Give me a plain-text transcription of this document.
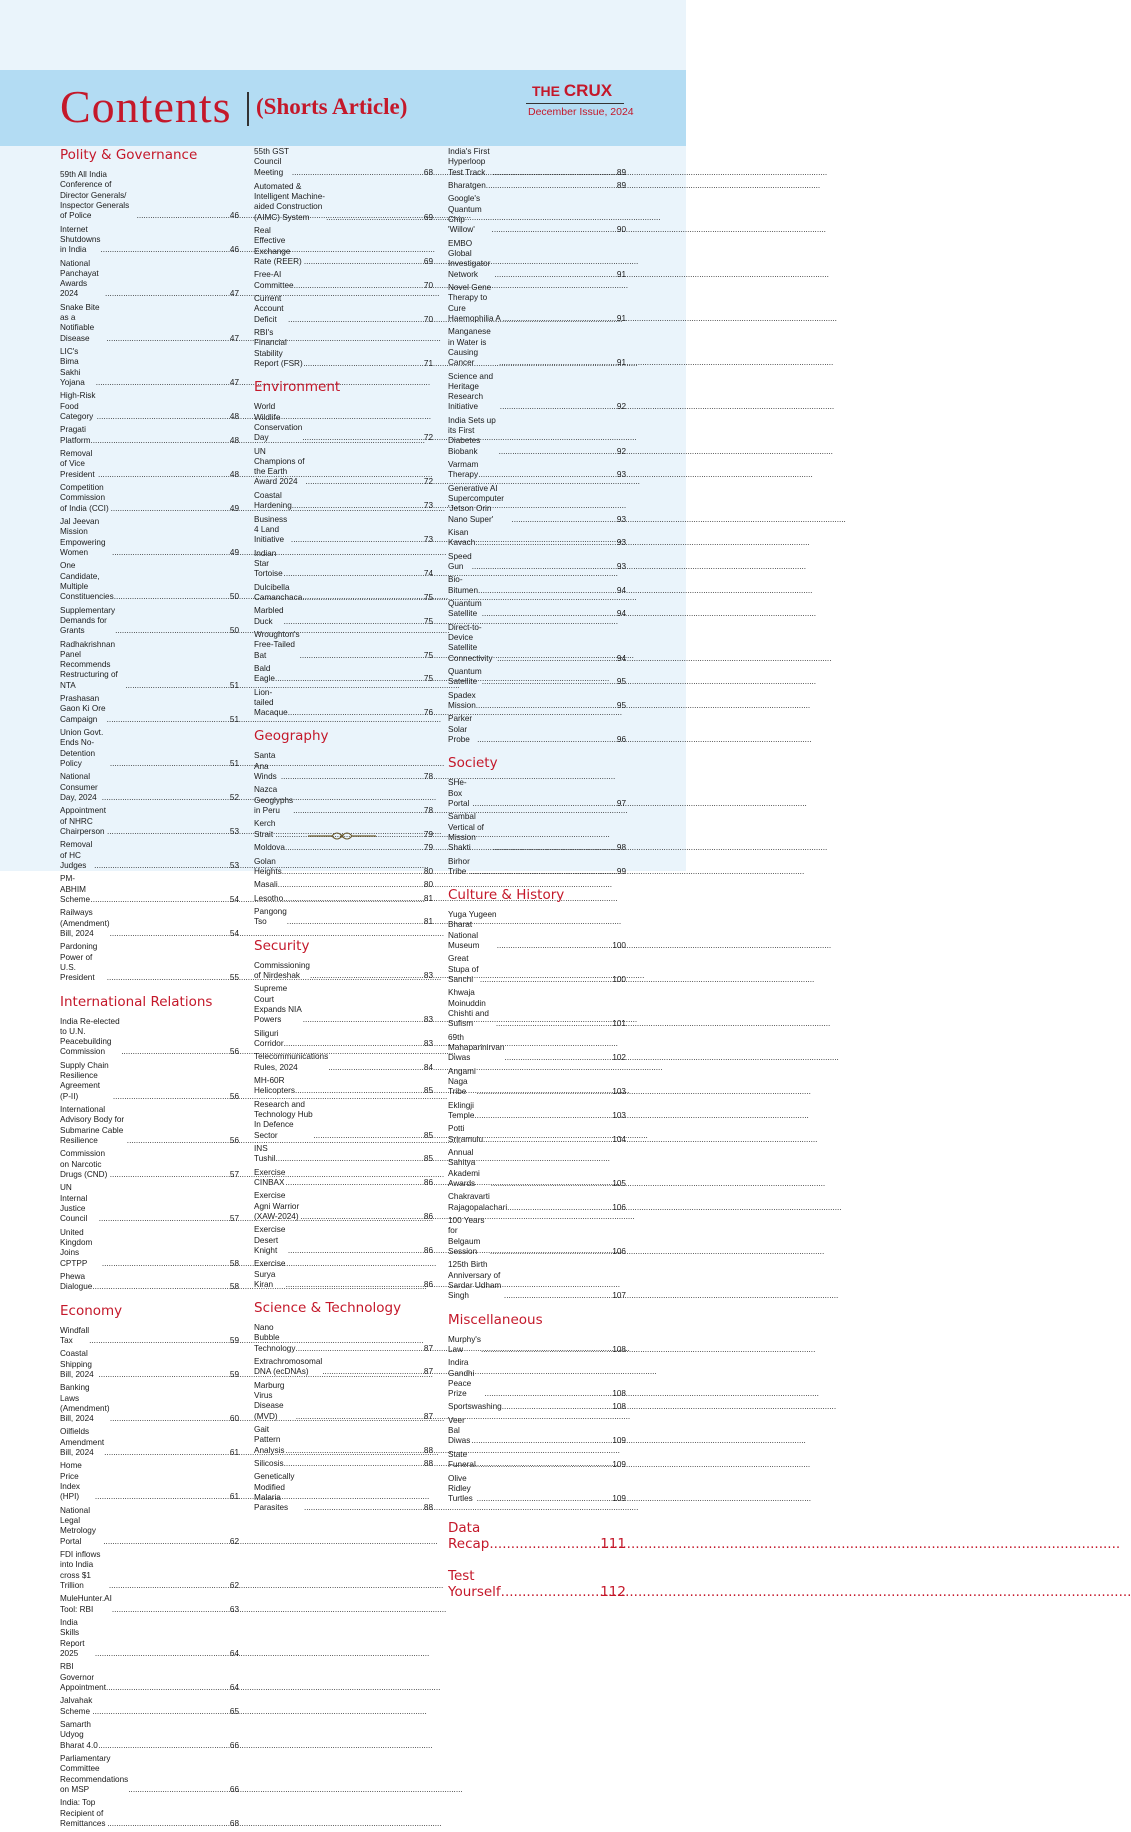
Contents (Shorts Article)
THE CRUX
December Issue, 2024
Polity & Governance
59th All India Conference of Director Generals/ Inspector Generals of Police .....	46
Internet Shutdowns in India .....	46
National Panchayat Awards 2024 .....	47
Snake Bite as a Notifiable Disease .....	47
LIC's Bima Sakhi Yojana .....	47
High-Risk Food Category .....	48
Pragati Platform .....	48
Removal of Vice President .....	48
Competition Commission of India (CCI) .....	49
Jal Jeevan Mission Empowering Women .....	49
One Candidate, Multiple Constituencies .....	50
Supplementary Demands for Grants .....	50
Radhakrishnan Panel Recommends Restructuring of NTA .....	51
Prashasan Gaon Ki Ore Campaign .....	51
Union Govt. Ends No-Detention Policy .....	51
National Consumer Day, 2024 .....	52
Appointment of NHRC Chairperson .....	53
Removal of HC Judges .....	53
PM-ABHIM Scheme .....	54
Railways (Amendment) Bill, 2024 .....	54
Pardoning Power of U.S. President .....	55
International Relations
India Re-elected to U.N. Peacebuilding Commission .....	56
Supply Chain Resilience Agreement (P-II) .....	56
International Advisory Body for Submarine Cable Resilience .....	56
Commission on Narcotic Drugs (CND) .....	57
UN Internal Justice Council .....	57
United Kingdom Joins CPTPP .....	58
Phewa Dialogue .....	58
Economy
Windfall Tax .....	59
Coastal Shipping Bill, 2024 .....	59
Banking Laws (Amendment) Bill, 2024 .....	60
Oilfields Amendment Bill, 2024 .....	61
Home Price Index (HPI) .....	61
National Legal Metrology Portal .....	62
FDI inflows into India cross $1 Trillion .....	62
MuleHunter.AI Tool: RBI .....	63
India Skills Report 2025 .....	64
RBI Governor Appointment .....	64
Jalvahak Scheme .....	65
Samarth Udyog Bharat 4.0 .....	66
Parliamentary Committee Recommendations on MSP .....	66
India: Top Recipient of Remittances .....	68
55th GST Council Meeting .....	68
Automated & Intelligent Machine-aided Construction (AIMC) System .....	69
Real Effective Exchange Rate (REER) .....	69
Free-AI Committee .....	70
Current Account Deficit .....	70
RBI's Financial Stability Report (FSR) .....	71
Environment
World Wildlife Conservation Day .....	72
UN Champions of the Earth Award 2024 .....	72
Coastal Hardening .....	73
Business 4 Land Initiative .....	73
Indian Star Tortoise .....	74
Dulcibella Camanchaca .....	75
Marbled Duck .....	75
Wroughton's Free-Tailed Bat .....	75
Bald Eagle .....	75
Lion-tailed Macaque .....	76
Geography
Santa Ana Winds .....	78
Nazca Geoglyphs in Peru .....	78
Kerch Strait .....	79
Moldova .....	79
Golan Heights .....	80
Masali .....	80
Lesotho .....	81
Pangong Tso .....	81
Security
Commissioning of Nirdeshak .....	83
Supreme Court Expands NIA Powers .....	83
Siliguri Corridor .....	83
Telecommunications Rules, 2024 .....	84
MH-60R Helicopters .....	85
Research and Technology Hub In Defence Sector .....	85
INS Tushil .....	85
Exercise CINBAX .....	86
Exercise Agni Warrior (XAW-2024) .....	86
Exercise Desert Knight .....	86
Exercise Surya Kiran .....	86
Science & Technology
Nano Bubble Technology .....	87
Extrachromosomal DNA (ecDNAs) .....	87
Marburg Virus Disease (MVD) .....	87
Gait Pattern Analysis .....	88
Silicosis .....	88
Genetically Modified Malaria Parasites .....	88
India's First Hyperloop Test Track .....	89
Bharatgen .....	89
Google's Quantum Chip 'Willow' .....	90
EMBO Global Investigator Network .....	91
Novel Gene Therapy to Cure Haemophilia A .....	91
Manganese in Water is Causing Cancer .....	91
Science and Heritage Research Initiative .....	92
India Sets up its First Diabetes Biobank .....	92
Varmam Therapy .....	93
Generative AI Supercomputer 'Jetson Orin Nano Super' .....	93
Kisan Kavach .....	93
Speed Gun .....	93
Bio-Bitumen .....	94
Quantum Satellite .....	94
Direct-to-Device Satellite Connectivity .....	94
Quantum Satellite .....	95
Spadex Mission .....	95
Parker Solar Probe .....	96
Society
SHe-Box Portal .....	97
Sambal Vertical of Mission Shakti .....	98
Birhor Tribe .....	99
Culture & History
Yuga Yugeen Bharat National Museum .....	100
Great Stupa of Sanchi .....	100
Khwaja Moinuddin Chishti and Sufism .....	101
69th Mahaparinirvan Diwas .....	102
Angami Naga Tribe .....	103
Eklingji Temple .....	103
Potti Sriramulu .....	104
Annual Sahitya Akademi Awards .....	105
Chakravarti Rajagopalachari .....	106
100 Years for Belgaum Session .....	106
125th Birth Anniversary of Sardar Udham Singh .....	107
Miscellaneous
Murphy's Law .....	108
Indira Gandhi Peace Prize .....	108
Sportswashing .....	108
Veer Bal Diwas .....	109
State Funeral .....	109
Olive Ridley Turtles .....	109
Data Recap .....	111
Test Yourself .....	112
